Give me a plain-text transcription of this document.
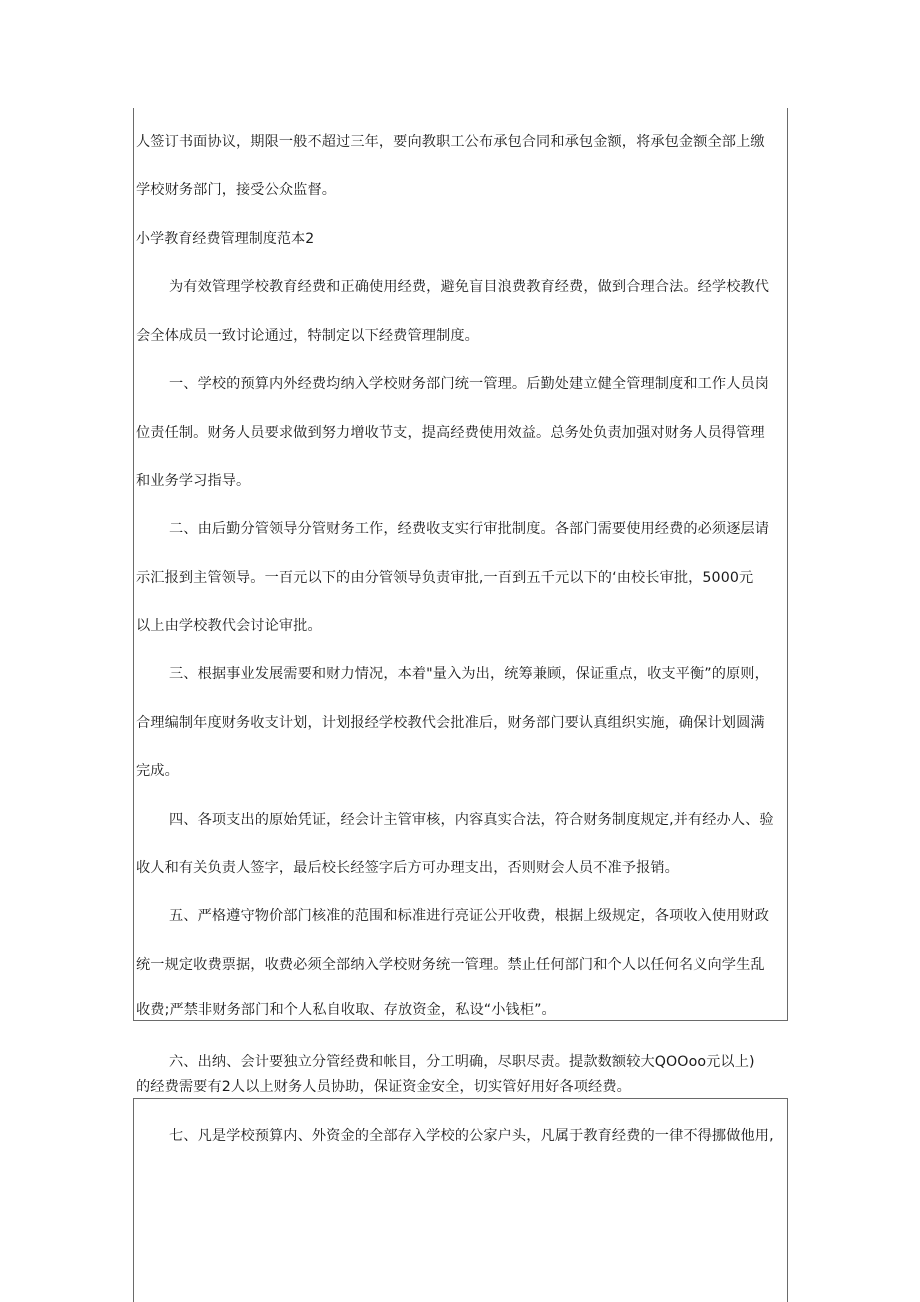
人签订书面协议，期限一般不超过三年，要向教职工公布承包合同和承包金额，将承包金额全部上缴
学校财务部门，接受公众监督。
小学教育经费管理制度范本2
为有效管理学校教育经费和正确使用经费，避免盲目浪费教育经费，做到合理合法。经学校教代
会全体成员一致讨论通过，特制定以下经费管理制度。
一、学校的预算内外经费均纳入学校财务部门统一管理。后勤处建立健全管理制度和工作人员岗
位责任制。财务人员要求做到努力增收节支，提高经费使用效益。总务处负责加强对财务人员得管理
和业务学习指导。
二、由后勤分管领导分管财务工作，经费收支实行审批制度。各部门需要使用经费的必须逐层请
示汇报到主管领导。一百元以下的由分管领导负责审批,一百到五千元以下的‘由校长审批，5000元
以上由学校教代会讨论审批。
三、根据事业发展需要和财力情况，本着"量入为出，统筹兼顾，保证重点，收支平衡”的原则，
合理编制年度财务收支计划，计划报经学校教代会批准后，财务部门要认真组织实施，确保计划圆满
完成。
四、各项支出的原始凭证，经会计主管审核，内容真实合法，符合财务制度规定,并有经办人、验
收人和有关负责人签字，最后校长经签字后方可办理支出，否则财会人员不准予报销。
五、严格遵守物价部门核准的范围和标准进行亮证公开收费，根据上级规定，各项收入使用财政
统一规定收费票据，收费必须全部纳入学校财务统一管理。禁止任何部门和个人以任何名义向学生乱
收费;严禁非财务部门和个人私自收取、存放资金，私设“小钱柜”。
六、出纳、会计要独立分管经费和帐目，分工明确，尽职尽责。提款数额较大QOOoo元以上)
的经费需要有2人以上财务人员协助，保证资金安全，切实管好用好各项经费。
七、凡是学校预算内、外资金的全部存入学校的公家户头，凡属于教育经费的一律不得挪做他用,
